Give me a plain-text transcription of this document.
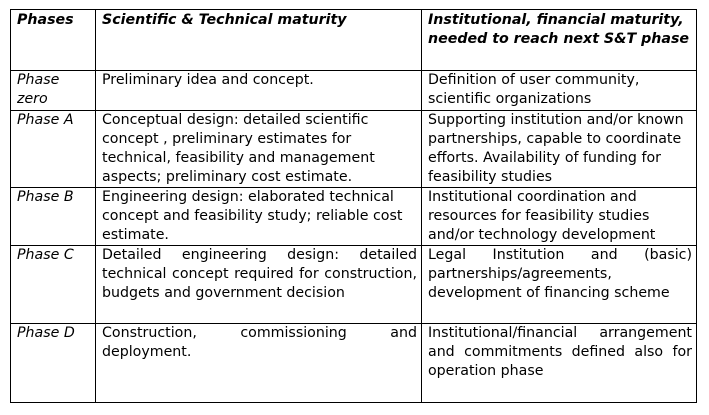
Phases	Scientific & Technical maturity	Institutional, financial maturity, needed to reach next S&T phase
Phase zero	Preliminary idea and concept.	Definition of user community, scientific organizations
Phase A	Conceptual design: detailed scientific concept , preliminary estimates for technical, feasibility and management aspects; preliminary cost estimate.	Supporting institution and/or known partnerships, capable to coordinate efforts. Availability of funding for feasibility studies
Phase B	Engineering design: elaborated technical concept and feasibility study; reliable cost estimate.	Institutional coordination and resources for feasibility studies and/or technology development
Phase C	Detailed engineering design: detailed technical concept required for construction, budgets and government decision	Legal Institution and (basic) partnerships/agreements, development of financing scheme
Phase D	Construction, commissioning and deployment.	Institutional/financial arrangement and commitments defined also for operation phase
